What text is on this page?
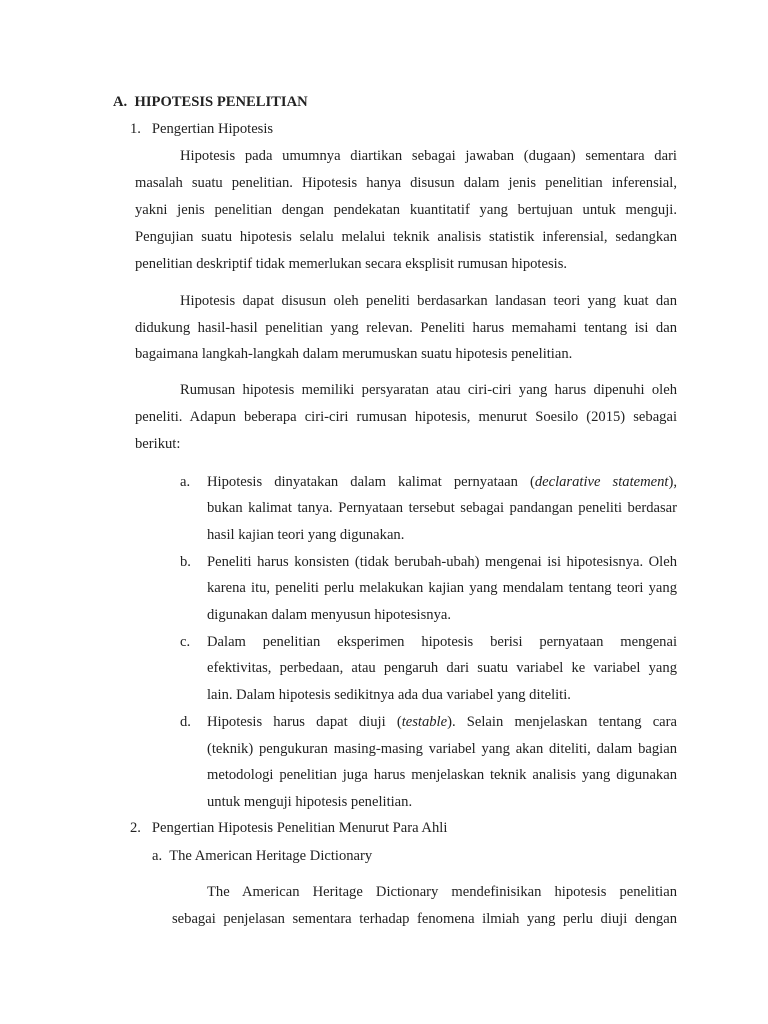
A. HIPOTESIS PENELITIAN
1. Pengertian Hipotesis
Hipotesis pada umumnya diartikan sebagai jawaban (dugaan) sementara dari
masalah suatu penelitian. Hipotesis hanya disusun dalam jenis penelitian inferensial,
yakni jenis penelitian dengan pendekatan kuantitatif yang bertujuan untuk menguji.
Pengujian suatu hipotesis selalu melalui teknik analisis statistik inferensial, sedangkan
penelitian deskriptif tidak memerlukan secara eksplisit rumusan hipotesis.
Hipotesis dapat disusun oleh peneliti berdasarkan landasan teori yang kuat dan
didukung hasil-hasil penelitian yang relevan. Peneliti harus memahami tentang isi dan
bagaimana langkah-langkah dalam merumuskan suatu hipotesis penelitian.
Rumusan hipotesis memiliki persyaratan atau ciri-ciri yang harus dipenuhi oleh
peneliti. Adapun beberapa ciri-ciri rumusan hipotesis, menurut Soesilo (2015) sebagai
berikut:
a. Hipotesis dinyatakan dalam kalimat pernyataan (declarative statement),
bukan kalimat tanya. Pernyataan tersebut sebagai pandangan peneliti berdasar
hasil kajian teori yang digunakan.
b. Peneliti harus konsisten (tidak berubah-ubah) mengenai isi hipotesisnya. Oleh
karena itu, peneliti perlu melakukan kajian yang mendalam tentang teori yang
digunakan dalam menyusun hipotesisnya.
c. Dalam penelitian eksperimen hipotesis berisi pernyataan mengenai
efektivitas, perbedaan, atau pengaruh dari suatu variabel ke variabel yang
lain. Dalam hipotesis sedikitnya ada dua variabel yang diteliti.
d. Hipotesis harus dapat diuji (testable). Selain menjelaskan tentang cara
(teknik) pengukuran masing-masing variabel yang akan diteliti, dalam bagian
metodologi penelitian juga harus menjelaskan teknik analisis yang digunakan
untuk menguji hipotesis penelitian.
2. Pengertian Hipotesis Penelitian Menurut Para Ahli
a. The American Heritage Dictionary
The American Heritage Dictionary mendefinisikan hipotesis penelitian
sebagai penjelasan sementara terhadap fenomena ilmiah yang perlu diuji dengan
